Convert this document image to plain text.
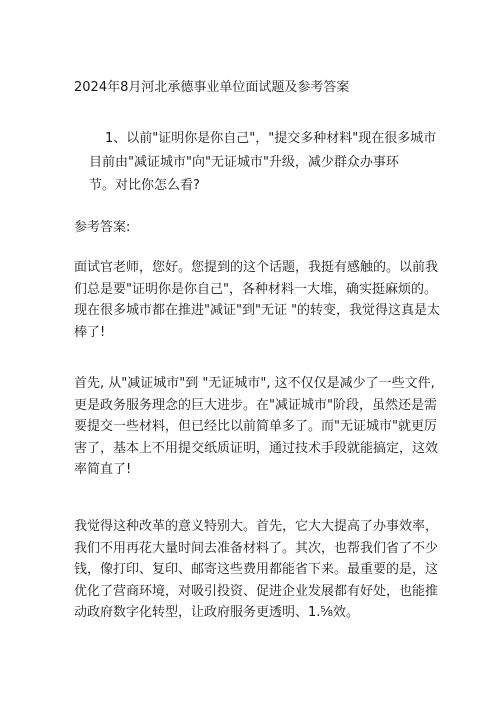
2024年8月河北承德事业单位面试题及参考答案
1、以前"证明你是你自己"，"提交多种材料"现在很多城市
目前由"减证城市"向"无证城市"升级，减少群众办事环
节。对比你怎么看?
参考答案:
面试官老师，您好。您提到的这个话题，我挺有感触的。以前我
们总是要"证明你是你自己"，各种材料一大堆，确实挺麻烦的。
现在很多城市都在推进"减证"到"无证 "的转变，我觉得这真是太
棒了!
首先, 从"减证城市"到 "无证城市", 这不仅仅是减少了一些文件,
更是政务服务理念的巨大进步。在"减证城市"阶段，虽然还是需
要提交一些材料，但已经比以前简单多了。而"无证城市"就更厉
害了，基本上不用提交纸质证明，通过技术手段就能搞定，这效
率简直了!
我觉得这种改革的意义特别大。首先，它大大提高了办事效率，
我们不用再花大量时间去准备材料了。其次，也帮我们省了不少
钱，像打印、复印、邮寄这些费用都能省下来。最重要的是，这
优化了营商环境，对吸引投资、促进企业发展都有好处，也能推
动政府数字化转型，让政府服务更透明、1.⅝效。
